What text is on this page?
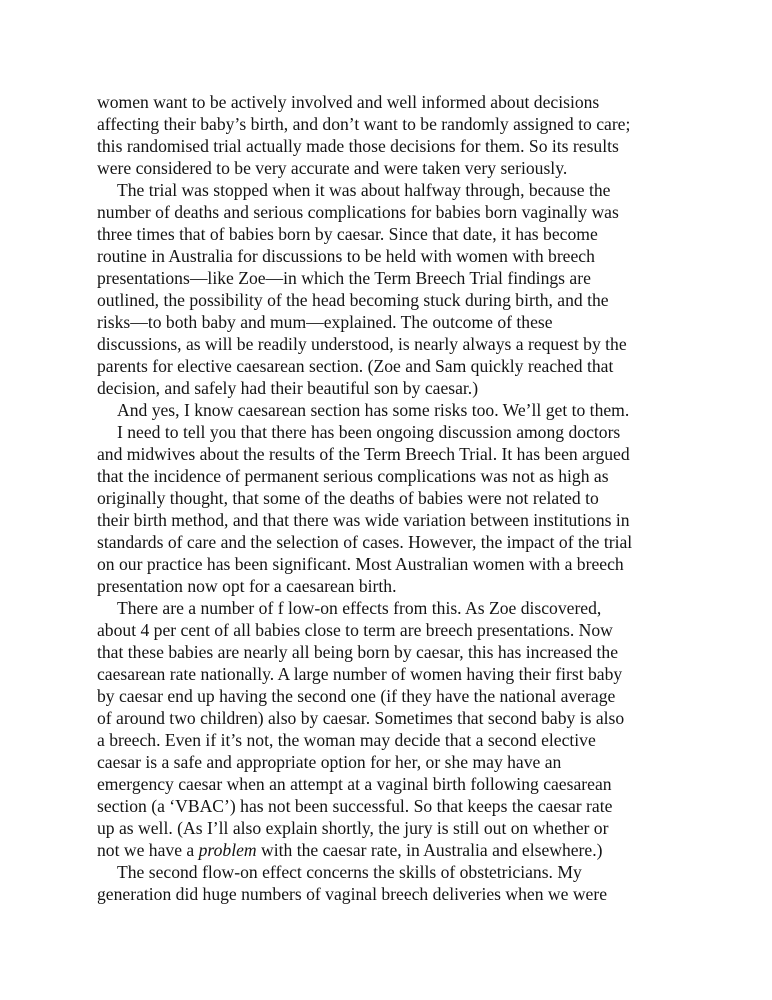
women want to be actively involved and well informed about decisions
affecting their baby’s birth, and don’t want to be randomly assigned to care;
this randomised trial actually made those decisions for them. So its results
were considered to be very accurate and were taken very seriously.
The trial was stopped when it was about halfway through, because the
number of deaths and serious complications for babies born vaginally was
three times that of babies born by caesar. Since that date, it has become
routine in Australia for discussions to be held with women with breech
presentations—like Zoe—in which the Term Breech Trial findings are
outlined, the possibility of the head becoming stuck during birth, and the
risks—to both baby and mum—explained. The outcome of these
discussions, as will be readily understood, is nearly always a request by the
parents for elective caesarean section. (Zoe and Sam quickly reached that
decision, and safely had their beautiful son by caesar.)
And yes, I know caesarean section has some risks too. We’ll get to them.
I need to tell you that there has been ongoing discussion among doctors
and midwives about the results of the Term Breech Trial. It has been argued
that the incidence of permanent serious complications was not as high as
originally thought, that some of the deaths of babies were not related to
their birth method, and that there was wide variation between institutions in
standards of care and the selection of cases. However, the impact of the trial
on our practice has been significant. Most Australian women with a breech
presentation now opt for a caesarean birth.
There are a number of f low-on effects from this. As Zoe discovered,
about 4 per cent of all babies close to term are breech presentations. Now
that these babies are nearly all being born by caesar, this has increased the
caesarean rate nationally. A large number of women having their first baby
by caesar end up having the second one (if they have the national average
of around two children) also by caesar. Sometimes that second baby is also
a breech. Even if it’s not, the woman may decide that a second elective
caesar is a safe and appropriate option for her, or she may have an
emergency caesar when an attempt at a vaginal birth following caesarean
section (a ‘VBAC’) has not been successful. So that keeps the caesar rate
up as well. (As I’ll also explain shortly, the jury is still out on whether or
not we have a problem with the caesar rate, in Australia and elsewhere.)
The second flow-on effect concerns the skills of obstetricians. My
generation did huge numbers of vaginal breech deliveries when we were
